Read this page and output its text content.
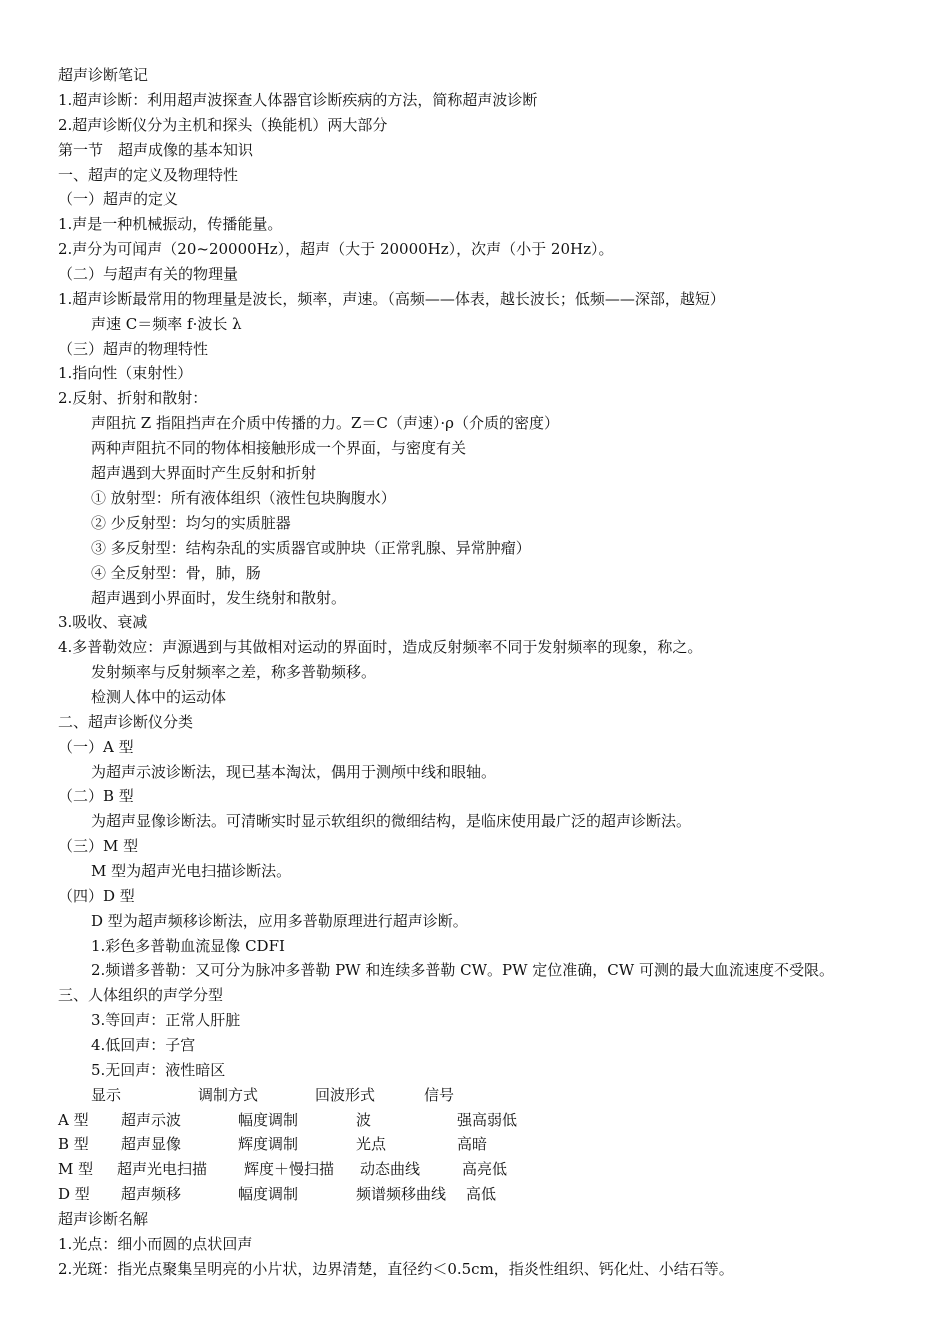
超声诊断笔记
1.超声诊断：利用超声波探查人体器官诊断疾病的方法，简称超声波诊断
2.超声诊断仪分为主机和探头（换能机）两大部分
第一节　超声成像的基本知识
一、超声的定义及物理特性
（一）超声的定义
1.声是一种机械振动，传播能量。
2.声分为可闻声（20~20000Hz），超声（大于 20000Hz），次声（小于 20Hz）。
（二）与超声有关的物理量
1.超声诊断最常用的物理量是波长，频率，声速。（高频——体表，越长波长；低频——深部，越短）
声速 C＝频率 f·波长 λ
（三）超声的物理特性
1.指向性（束射性）
2.反射、折射和散射：
声阻抗 Z 指阻挡声在介质中传播的力。Z＝C（声速）·ρ（介质的密度）
两种声阻抗不同的物体相接触形成一个界面，与密度有关
超声遇到大界面时产生反射和折射
① 放射型：所有液体组织（液性包块胸腹水）
② 少反射型：均匀的实质脏器
③ 多反射型：结构杂乱的实质器官或肿块（正常乳腺、异常肿瘤）
④ 全反射型：骨，肺，肠
超声遇到小界面时，发生绕射和散射。
3.吸收、衰减
4.多普勒效应：声源遇到与其做相对运动的界面时，造成反射频率不同于发射频率的现象，称之。
发射频率与反射频率之差，称多普勒频移。
检测人体中的运动体
二、超声诊断仪分类
（一）A 型
为超声示波诊断法，现已基本淘汰，偶用于测颅中线和眼轴。
（二）B 型
为超声显像诊断法。可清晰实时显示软组织的微细结构，是临床使用最广泛的超声诊断法。
（三）M 型
M 型为超声光电扫描诊断法。
（四）D 型
D 型为超声频移诊断法，应用多普勒原理进行超声诊断。
1.彩色多普勒血流显像 CDFI
2.频谱多普勒：又可分为脉冲多普勒 PW 和连续多普勒 CW。PW 定位准确，CW 可测的最大血流速度不受限。
三、人体组织的声学分型
3.等回声：正常人肝脏
4.低回声：子宫
5.无回声：液性暗区
显示	调制方式	回波形式	信号
A 型 超声示波	幅度调制	波	强高弱低
B 型 超声显像	辉度调制	光点	高暗
M 型 超声光电扫描 辉度＋慢扫描 动态曲线	高亮低
D 型 超声频移	幅度调制	频谱频移曲线 高低
超声诊断名解
1.光点：细小而圆的点状回声
2.光斑：指光点聚集呈明亮的小片状，边界清楚，直径约＜0.5cm，指炎性组织、钙化灶、小结石等。
